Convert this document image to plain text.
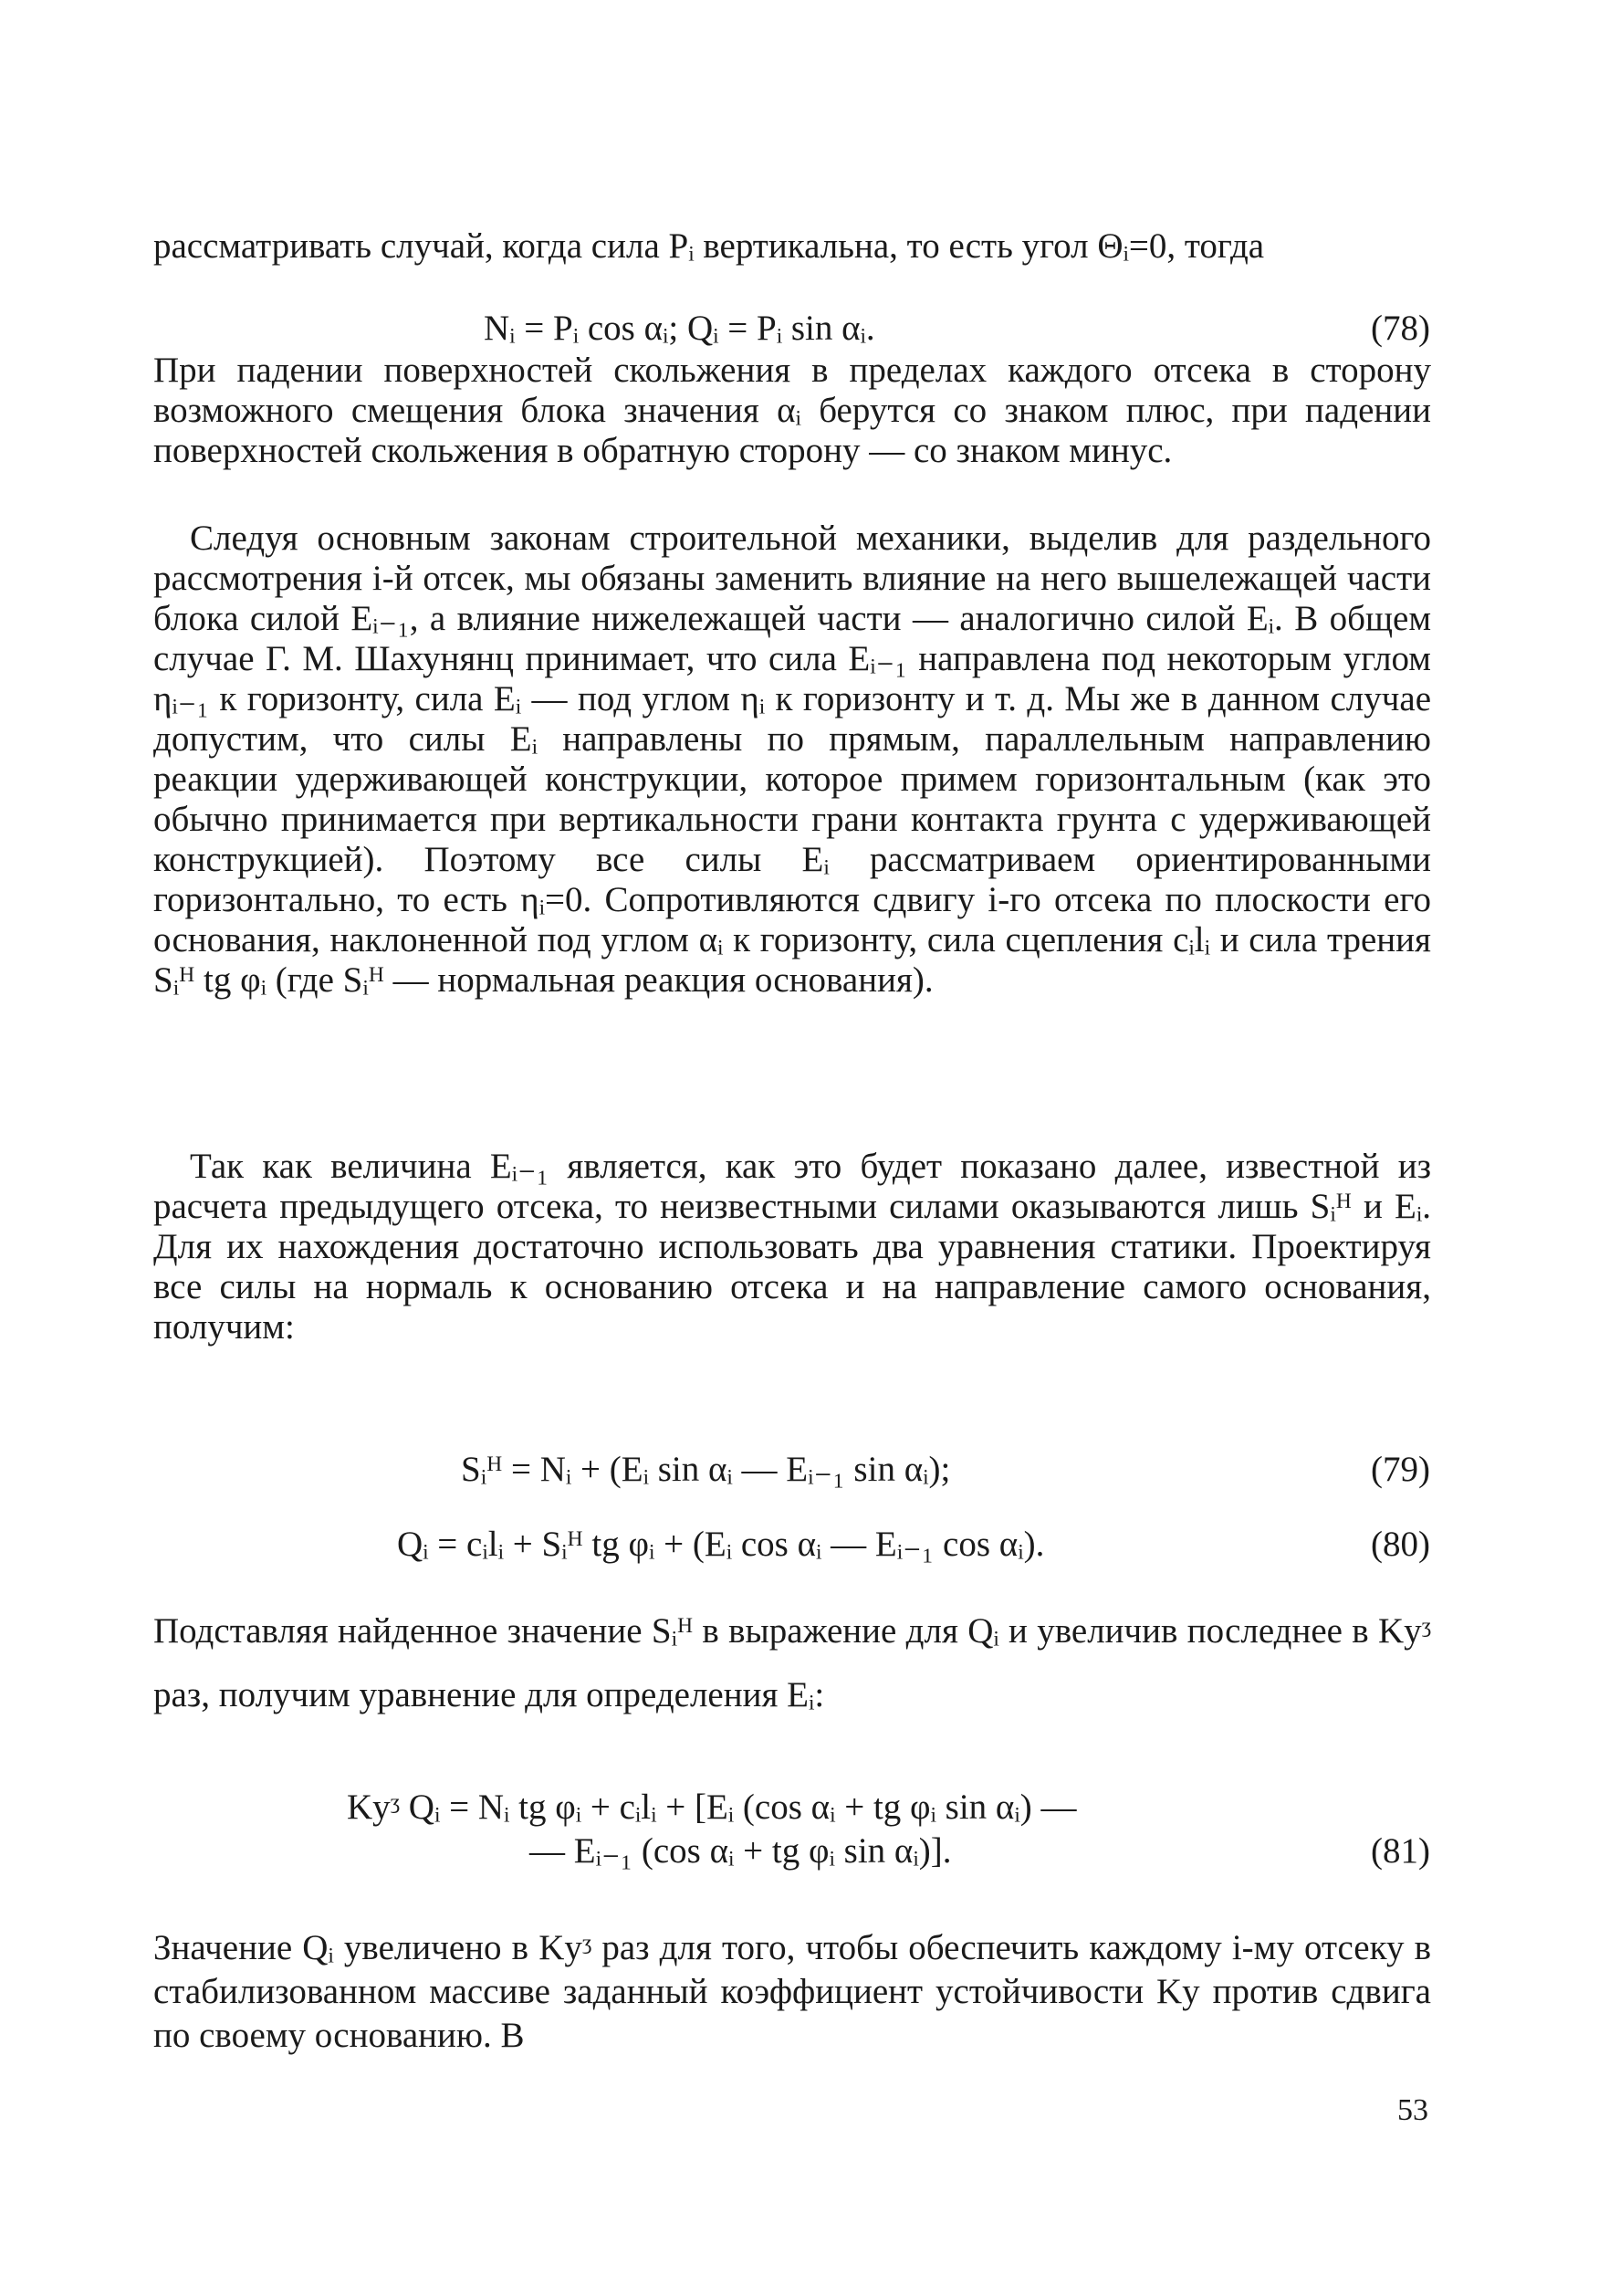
рассматривать случай, когда сила Pᵢ вертикальна, то есть угол Θᵢ=0, тогда

Nᵢ = Pᵢ cos αᵢ; Qᵢ = Pᵢ sin αᵢ.	(78)

При падении поверхностей скольжения в пределах каждого отсека в сторону возможного смещения блока значения αᵢ берутся со знаком плюс, при падении поверхностей скольжения в обратную сторону — со знаком минус.

Следуя основным законам строительной механики, выделив для раздельного рассмотрения i-й отсек, мы обязаны заменить влияние на него вышележащей части блока силой Eᵢ₋₁, а влияние нижележащей части — аналогично силой Eᵢ. В общем случае Г. М. Шахунянц принимает, что сила Eᵢ₋₁ направлена под некоторым углом ηᵢ₋₁ к горизонту, сила Eᵢ — под углом ηᵢ к горизонту и т. д. Мы же в данном случае допустим, что силы Eᵢ направлены по прямым, параллельным направлению реакции удерживающей конструкции, которое примем горизонтальным (как это обычно принимается при вертикальности грани контакта грунта с удерживающей конструкцией). Поэтому все силы Eᵢ рассматриваем ориентированными горизонтально, то есть ηᵢ=0. Сопротивляются сдвигу i-го отсека по плоскости его основания, наклоненной под углом αᵢ к горизонту, сила сцепления cᵢlᵢ и сила трения Sᵢᴴ tg φᵢ (где Sᵢᴴ — нормальная реакция основания).

Так как величина Eᵢ₋₁ является, как это будет показано далее, известной из расчета предыдущего отсека, то неизвестными силами оказываются лишь Sᵢᴴ и Eᵢ. Для их нахождения достаточно использовать два уравнения статики. Проектируя все силы на нормаль к основанию отсека и на направление самого основания, получим:

Sᵢᴴ = Nᵢ + (Eᵢ sin αᵢ — Eᵢ₋₁ sin αᵢ);	(79)
Qᵢ = cᵢlᵢ + Sᵢᴴ tg φᵢ + (Eᵢ cos αᵢ — Eᵢ₋₁ cos αᵢ).	(80)

Подставляя найденное значение Sᵢᴴ в выражение для Qᵢ и увеличив последнее в Kуᶾ раз, получим уравнение для определения Eᵢ:

Kуᶾ Qᵢ = Nᵢ tg φᵢ + cᵢlᵢ + [Eᵢ (cos αᵢ + tg φᵢ sin αᵢ) —
— Eᵢ₋₁ (cos αᵢ + tg φᵢ sin αᵢ)].	(81)

Значение Qᵢ увеличено в Kуᶾ раз для того, чтобы обеспечить каждому i-му отсеку в стабилизованном массиве заданный коэффициент устойчивости Kу против сдвига по своему основанию. В

53
